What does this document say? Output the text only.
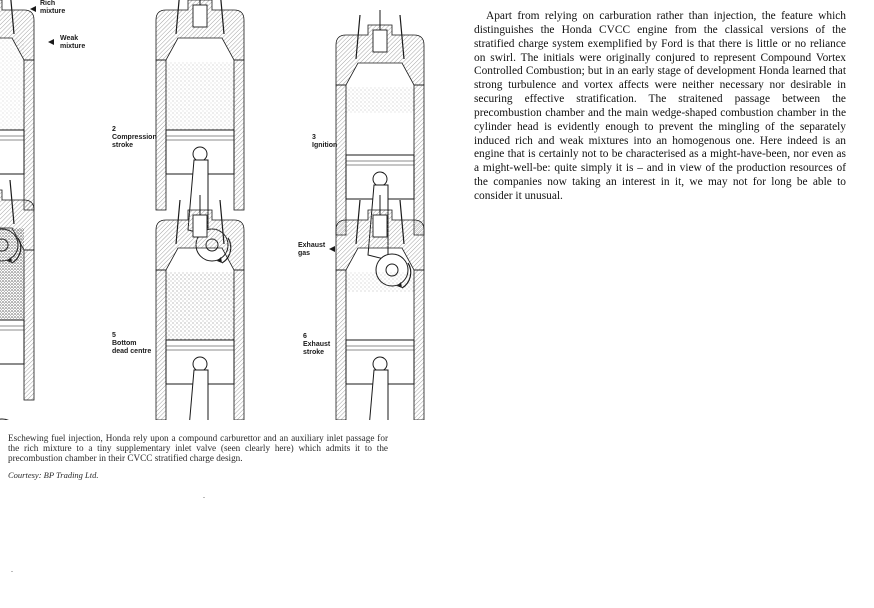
Rich
mixture
Weak
mixture
2
Compression
stroke
3
Ignition
Exhaust
gas
5
Bottom
dead centre
6
Exhaust
stroke
Eschewing fuel injection, Honda rely upon a compound carburettor and an auxiliary inlet passage for the rich mixture to a tiny supplementary inlet valve (seen clearly here) which admits it to the precombustion chamber in their CVCC stratified charge design.
Courtesy: BP Trading Ltd.
Apart from relying on carburation rather than injection, the feature which distinguishes the Honda CVCC engine from the classical versions of the stratified charge system exemplified by Ford is that there is little or no reliance on swirl. The initials were originally conjured to represent Compound Vortex Controlled Combustion; but in an early stage of development Honda learned that strong turbulence and vortex affects were neither necessary nor desirable in securing effective stratification. The straitened passage between the precombustion chamber and the main wedge-shaped combustion chamber in the cylinder head is evidently enough to prevent the mingling of the separately induced rich and weak mixtures into an homogenous one. Here indeed is an engine that is certainly not to be characterised as a might-have-been, nor even as a might-well-be: quite simply it is – and in view of the production resources of the companies now taking an interest in it, we may not for long be able to consider it unusual.
